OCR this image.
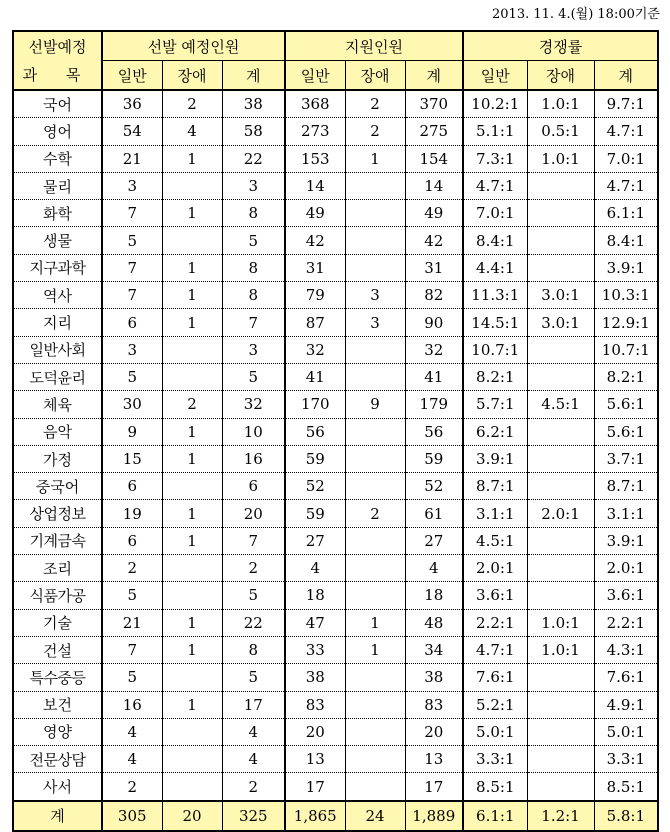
2013. 11. 4.(월) 18:00기준
선발예정	선발 예정인원			지원인원			경쟁률		
과 목	일반	장애	계	일반	장애	계	일반	장애	계
국어	36	2	38	368	2	370	10.2:1	1.0:1	9.7:1
영어	54	4	58	273	2	275	5.1:1	0.5:1	4.7:1
수학	21	1	22	153	1	154	7.3:1	1.0:1	7.0:1
물리	3		3	14		14	4.7:1		4.7:1
화학	7	1	8	49		49	7.0:1		6.1:1
생물	5		5	42		42	8.4:1		8.4:1
지구과학	7	1	8	31		31	4.4:1		3.9:1
역사	7	1	8	79	3	82	11.3:1	3.0:1	10.3:1
지리	6	1	7	87	3	90	14.5:1	3.0:1	12.9:1
일반사회	3		3	32		32	10.7:1		10.7:1
도덕윤리	5		5	41		41	8.2:1		8.2:1
체육	30	2	32	170	9	179	5.7:1	4.5:1	5.6:1
음악	9	1	10	56		56	6.2:1		5.6:1
가정	15	1	16	59		59	3.9:1		3.7:1
중국어	6		6	52		52	8.7:1		8.7:1
상업정보	19	1	20	59	2	61	3.1:1	2.0:1	3.1:1
기계금속	6	1	7	27		27	4.5:1		3.9:1
조리	2		2	4		4	2.0:1		2.0:1
식품가공	5		5	18		18	3.6:1		3.6:1
기술	21	1	22	47	1	48	2.2:1	1.0:1	2.2:1
건설	7	1	8	33	1	34	4.7:1	1.0:1	4.3:1
특수중등	5		5	38		38	7.6:1		7.6:1
보건	16	1	17	83		83	5.2:1		4.9:1
영양	4		4	20		20	5.0:1		5.0:1
전문상담	4		4	13		13	3.3:1		3.3:1
사서	2		2	17		17	8.5:1		8.5:1
계	305	20	325	1,865	24	1,889	6.1:1	1.2:1	5.8:1
